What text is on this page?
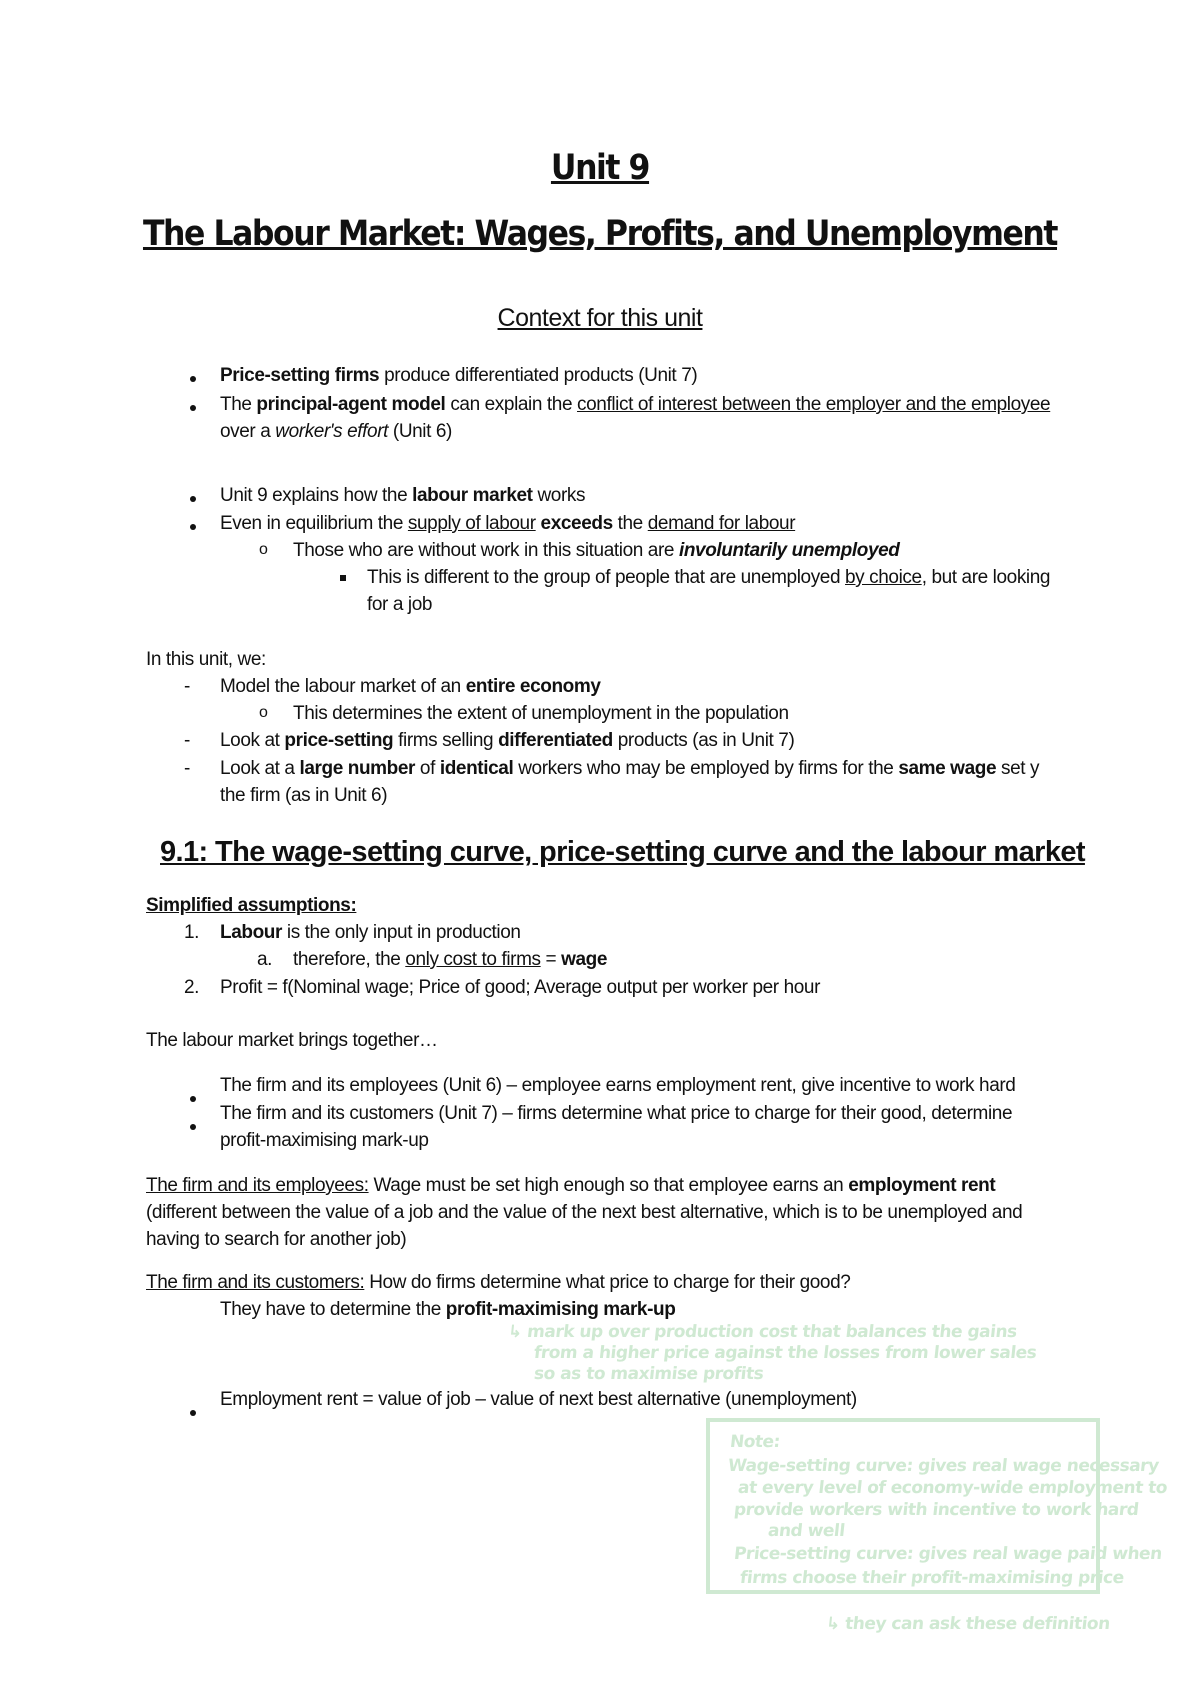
Unit 9
The Labour Market: Wages, Profits, and Unemployment
Context for this unit
Price-setting firms produce differentiated products (Unit 7)
The principal-agent model can explain the conflict of interest between the employer and the employee
over a worker's effort (Unit 6)
Unit 9 explains how the labour market works
Even in equilibrium the supply of labour exceeds the demand for labour
o Those who are without work in this situation are involuntarily unemployed
This is different to the group of people that are unemployed by choice, but are looking
for a job
In this unit, we:
- Model the labour market of an entire economy
o This determines the extent of unemployment in the population
- Look at price-setting firms selling differentiated products (as in Unit 7)
- Look at a large number of identical workers who may be employed by firms for the same wage set y
the firm (as in Unit 6)
9.1: The wage-setting curve, price-setting curve and the labour market
Simplified assumptions:
1. Labour is the only input in production
a. therefore, the only cost to firms = wage
2. Profit = f(Nominal wage; Price of good; Average output per worker per hour
The labour market brings together…
The firm and its employees (Unit 6) – employee earns employment rent, give incentive to work hard
The firm and its customers (Unit 7) – firms determine what price to charge for their good, determine
profit-maximising mark-up
The firm and its employees: Wage must be set high enough so that employee earns an employment rent
(different between the value of a job and the value of the next best alternative, which is to be unemployed and
having to search for another job)
The firm and its customers: How do firms determine what price to charge for their good?
They have to determine the profit-maximising mark-up
↳ mark up over production cost that balances the gains
from a higher price against the losses from lower sales
so as to maximise profits
Employment rent = value of job – value of next best alternative (unemployment)
Note:
Wage-setting curve: gives real wage necessary
at every level of economy-wide employment to
provide workers with incentive to work hard
and well
Price-setting curve: gives real wage paid when
firms choose their profit-maximising price
↳ they can ask these definition
